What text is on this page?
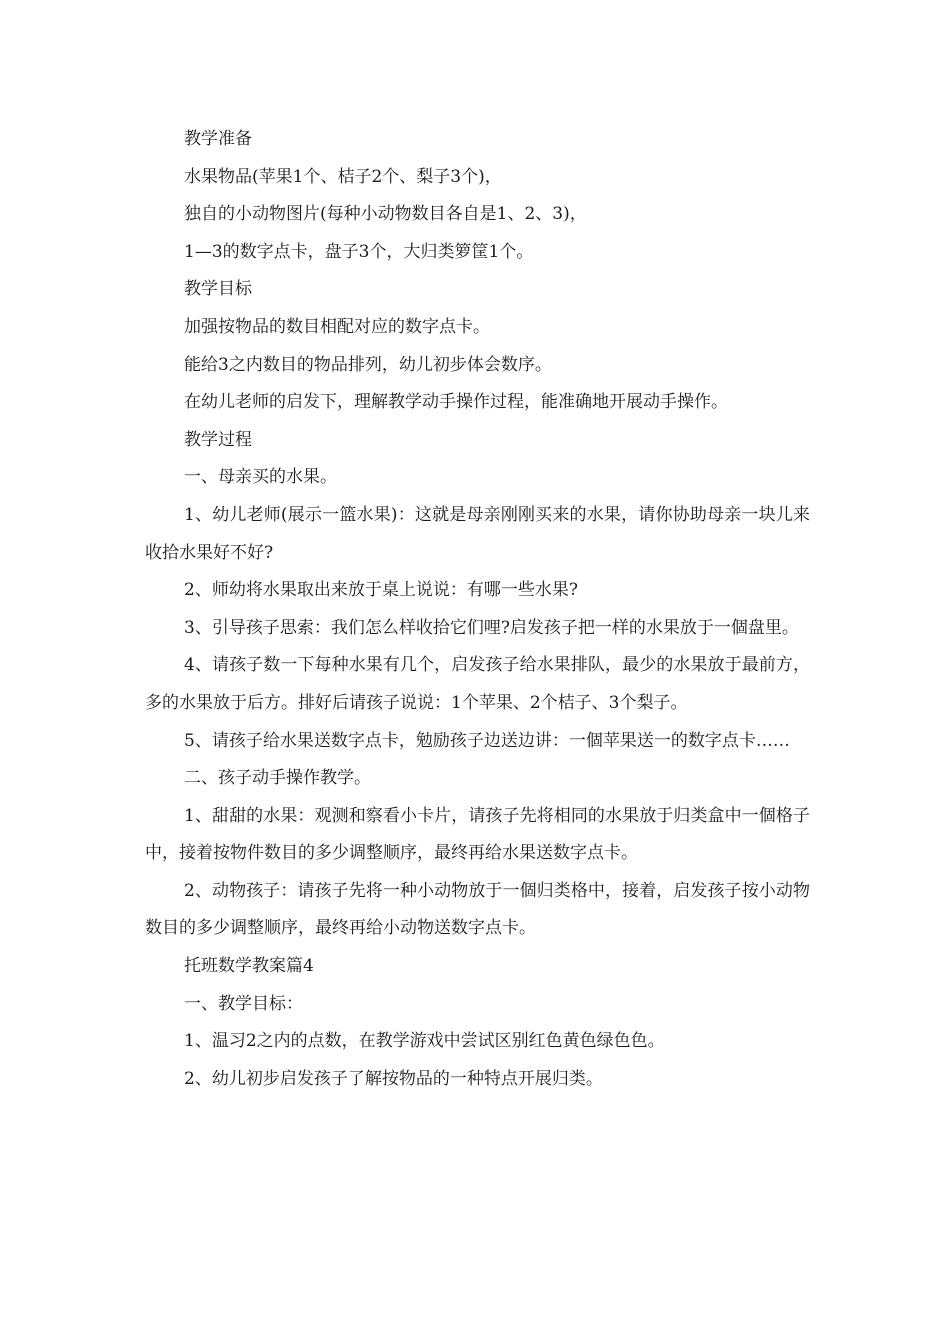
教学准备

水果物品(苹果1个、桔子2个、梨子3个)，

独自的小动物图片(每种小动物数目各自是1、2、3)，

1—3的数字点卡，盘子3个，大归类箩筐1个。

教学目标

加强按物品的数目相配对应的数字点卡。

能给3之内数目的物品排列，幼儿初步体会数序。

在幼儿老师的启发下，理解教学动手操作过程，能准确地开展动手操作。

教学过程

一、母亲买的水果。

1、幼儿老师(展示一篮水果)：这就是母亲刚刚买来的水果，请你协助母亲一块儿来收拾水果好不好?

2、师幼将水果取出来放于桌上说说：有哪一些水果?

3、引导孩子思索：我们怎么样收拾它们哩?启发孩子把一样的水果放于一個盘里。

4、请孩子数一下每种水果有几个，启发孩子给水果排队，最少的水果放于最前方，多的水果放于后方。排好后请孩子说说：1个苹果、2个桔子、3个梨子。

5、请孩子给水果送数字点卡，勉励孩子边送边讲：一個苹果送一的数字点卡……

二、孩子动手操作教学。

1、甜甜的水果：观测和察看小卡片，请孩子先将相同的水果放于归类盒中一個格子中，接着按物件数目的多少调整顺序，最终再给水果送数字点卡。

2、动物孩子：请孩子先将一种小动物放于一個归类格中，接着，启发孩子按小动物数目的多少调整顺序，最终再给小动物送数字点卡。

托班数学教案篇4

一、教学目标：

1、温习2之内的点数，在教学游戏中尝试区别红色黄色绿色色。

2、幼儿初步启发孩子了解按物品的一种特点开展归类。
